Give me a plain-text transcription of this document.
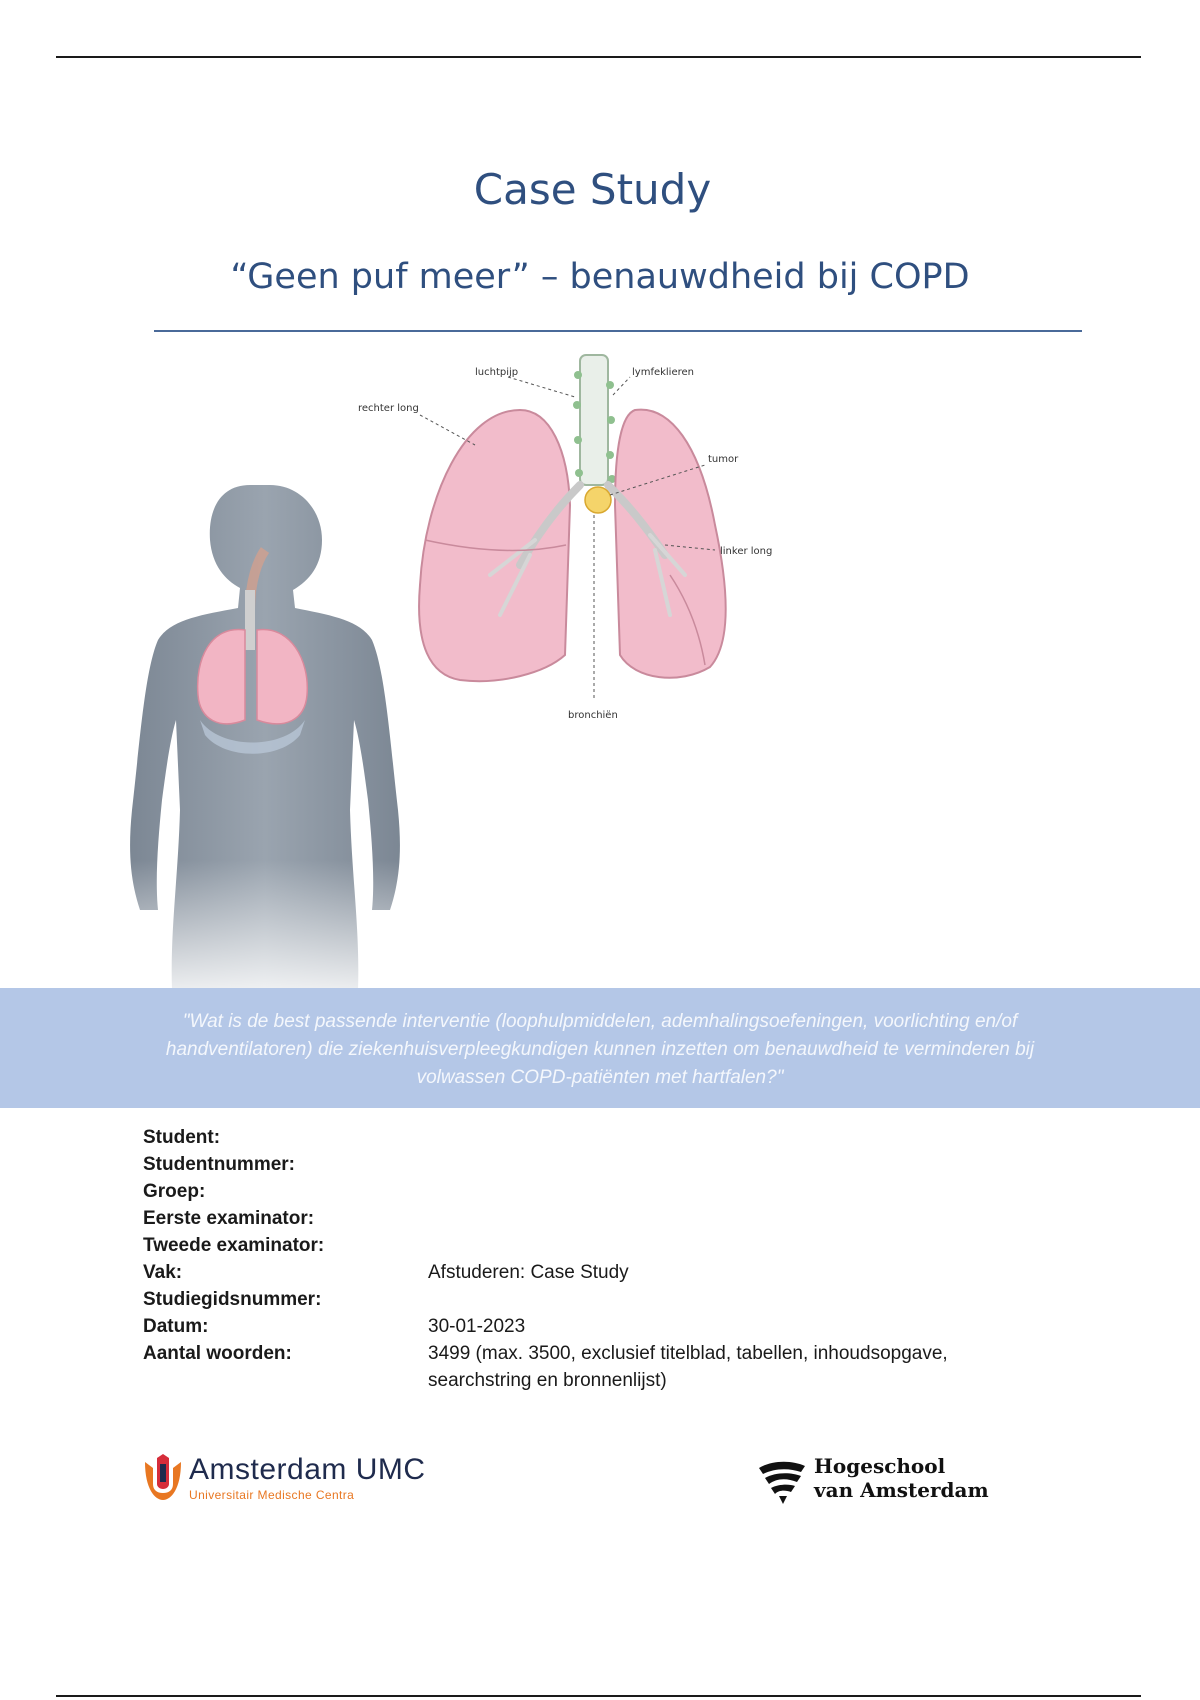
Case Study
“Geen puf meer” – benauwdheid bij COPD
luchtpijp	lymfeklieren
rechter long
tumor
linker long
bronchiën
"Wat is de best passende interventie (loophulpmiddelen, ademhalingsoefeningen, voorlichting en/of handventilatoren) die ziekenhuisverpleegkundigen kunnen inzetten om benauwdheid te verminderen bij volwassen COPD-patiënten met hartfalen?"
Student:
Studentnummer:
Groep:
Eerste examinator:
Tweede examinator:
Vak:	Afstuderen: Case Study
Studiegidsnummer:
Datum:	30-01-2023
Aantal woorden:	3499 (max. 3500, exclusief titelblad, tabellen, inhoudsopgave, searchstring en bronnenlijst)
Amsterdam UMC
Universitair Medische Centra
Hogeschool
van Amsterdam
